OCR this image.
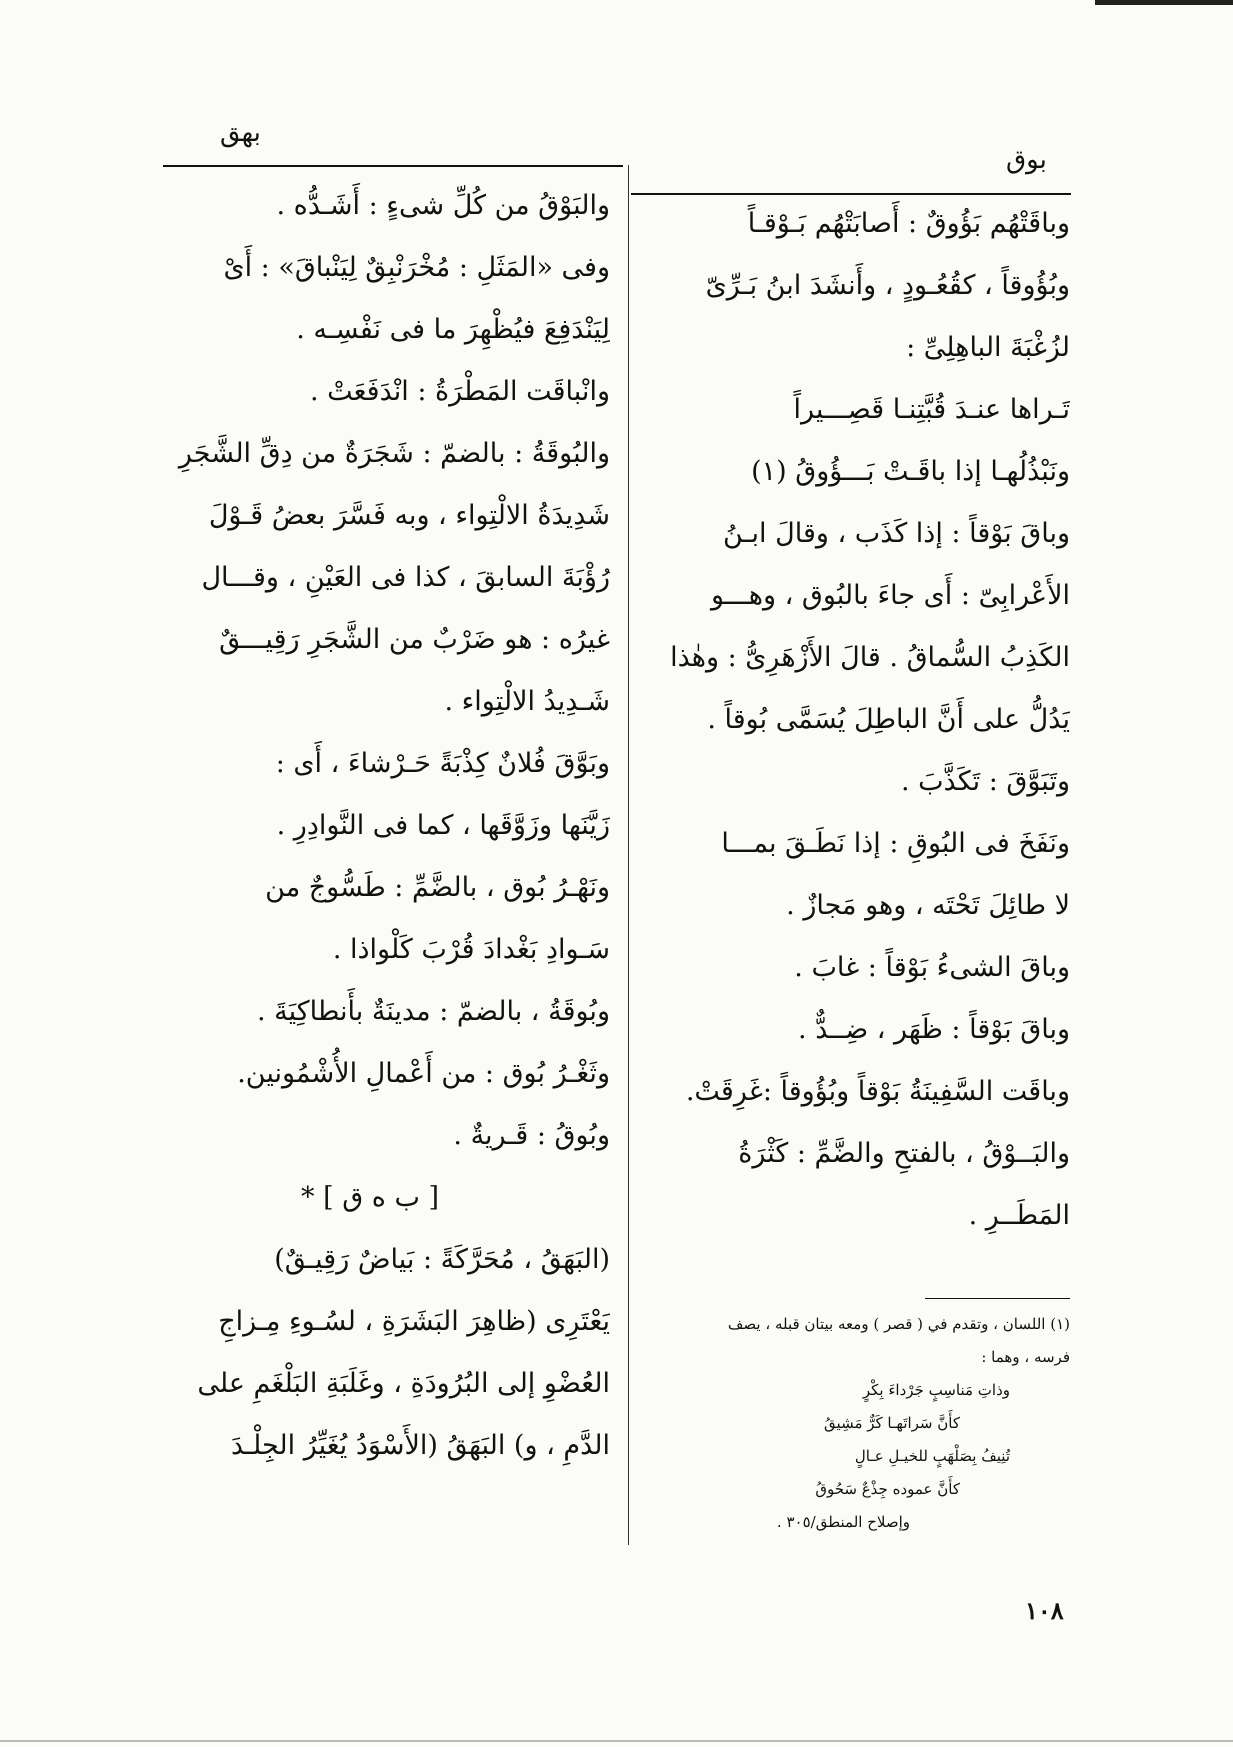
بهق
بوق
وباقَتْهُم بَؤُوقٌ : أَصابَتْهُم بَـوْقـاً
وبُؤُوقاً ، كقُعُـودٍ ، وأَنشَدَ ابنُ بَـرِّىّ
لزُغْبَةَ الباهِلِىِّ :
تَـراها عنـدَ قُبَّتِنـا قَصِـــيراً
ونَبْذُلُهـا إذا باقَـتْ بَـــؤُوقُ (١)
وباقَ بَوْقاً : إذا كَذَب ، وقالَ ابـنُ
الأَعْرابِىّ : أَى جاءَ بالبُوق ، وهـــو
الكَذِبُ السُّماقُ . قالَ الأَزْهَرِىُّ : وهٰذا
يَدُلُّ على أَنَّ الباطِلَ يُسَمَّى بُوقاً .
وتَبَوَّقَ : تَكَذَّبَ .
ونَفَخَ فى البُوقِ : إذا نَطَـقَ بمـــا
لا طائِلَ تَحْتَه ، وهو مَجازٌ .
وباقَ الشىءُ بَوْقاً : غابَ .
وباقَ بَوْقاً : ظَهَر ، ضِــدٌّ .
وباقَت السَّفِينَةُ بَوْقاً وبُؤُوقاً :غَرِقَتْ.
والبَــوْقُ ، بالفتحِ والضَّمِّ : كَثْرَةُ
المَطَــرِ .
والبَوْقُ من كُلِّ شىءٍ : أَشَـدُّه .
وفى «المَثَلِ : مُخْرَنْبِقٌ لِيَنْباقَ» : أَىْ
لِيَنْدَفِعَ فيُظْهِرَ ما فى نَفْسِـه .
وانْباقَت المَطْرَةُ : انْدَفَعَتْ .
والبُوقَةُ : بالضمّ : شَجَرَةٌ من دِقِّ الشَّجَرِ
شَدِيدَةُ الالْتِواء ، وبه فَسَّرَ بعضُ قَـوْلَ
رُؤْبَةَ السابقَ ، كذا فى العَيْنِ ، وقـــال
غيرُه : هو ضَرْبٌ من الشَّجَرِ رَقِيـــقٌ
شَـدِيدُ الالْتِواء .
وبَوَّقَ فُلانٌ كِذْبَةً حَـرْشاءَ ، أَى :
زَيَّنَها وزَوَّقَها ، كما فى النَّوادِرِ .
ونَهْـرُ بُوق ، بالضَّمِّ : طَسُّوجٌ من
سَـوادِ بَغْدادَ قُرْبَ كَلْواذا .
وبُوقَةُ ، بالضمّ : مدينَةٌ بأَنطاكِيَةَ .
وثَغْـرُ بُوق : من أَعْمالِ الأُشْمُونين.
وبُوقُ : قَـريةٌ .
[ ب ه ق ] *
(البَهَقُ ، مُحَرَّكَةً : بَياضٌ رَقِيـقٌ)
يَعْتَرِى (ظاهِرَ البَشَرَةِ ، لسُـوءِ مِـزاجِ
العُضْوِ إلى البُرُودَةِ ، وغَلَبَةِ البَلْغَمِ على
الدَّمِ ، و) البَهَقُ (الأَسْوَدُ يُغَيِّرُ الجِلْـدَ
(١) اللسان ، وتقدم في ( قصر ) ومعه بيتان قبله ، يصف
فرسه ، وهما :
وذاتِ مَناسِبٍ جَرْداءَ بِكْرٍ
كأَنَّ سَراتَهـا كَرٌّ مَشِيقُ
تُنِيفُ بِصَلْهَبٍ للخيـلِ عـالٍ
كأَنَّ عموده جِذْعٌ سَحُوقُ
وإصلاح المنطق/٣٠٥ .
١٠٨
